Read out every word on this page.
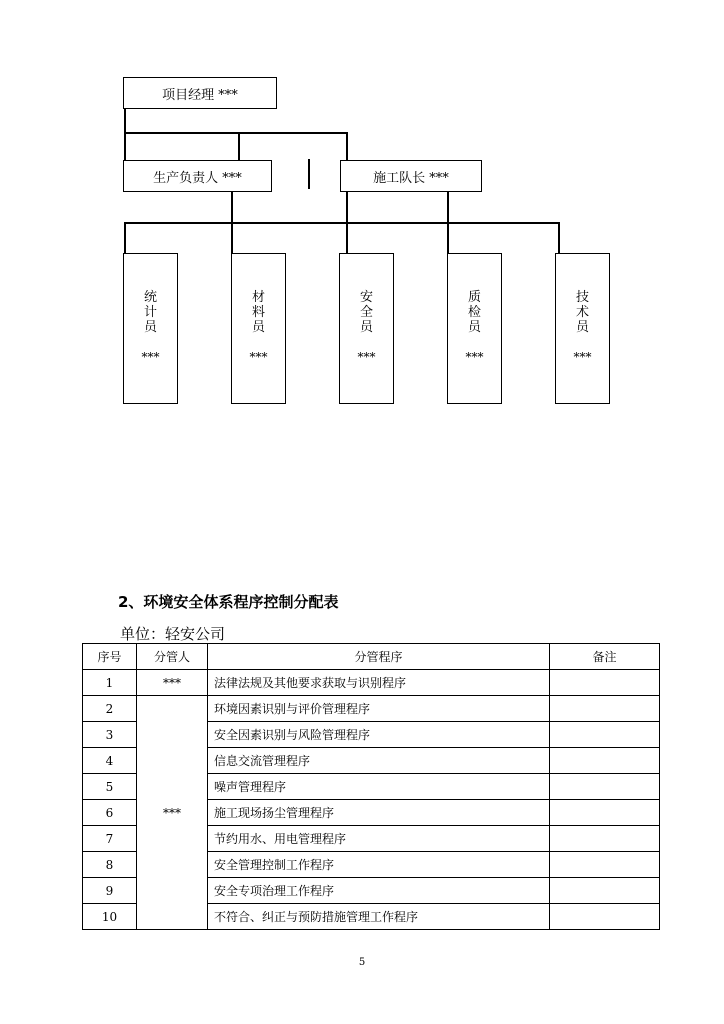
项目经理 ***
生产负责人 ***	施工队长 ***
统
计
员
***
材
料
员
***
安
全
员
***
质
检
员
***
技
术
员
***
2、环境安全体系程序控制分配表
单位：轻安公司
序号	分管人	分管程序	备注
1	***	法律法规及其他要求获取与识别程序	
2	***	环境因素识别与评价管理程序	
3		安全因素识别与风险管理程序	
4		信息交流管理程序	
5		噪声管理程序	
6		施工现场扬尘管理程序	
7		节约用水、用电管理程序	
8		安全管理控制工作程序	
9		安全专项治理工作程序	
10		不符合、纠正与预防措施管理工作程序	
5
